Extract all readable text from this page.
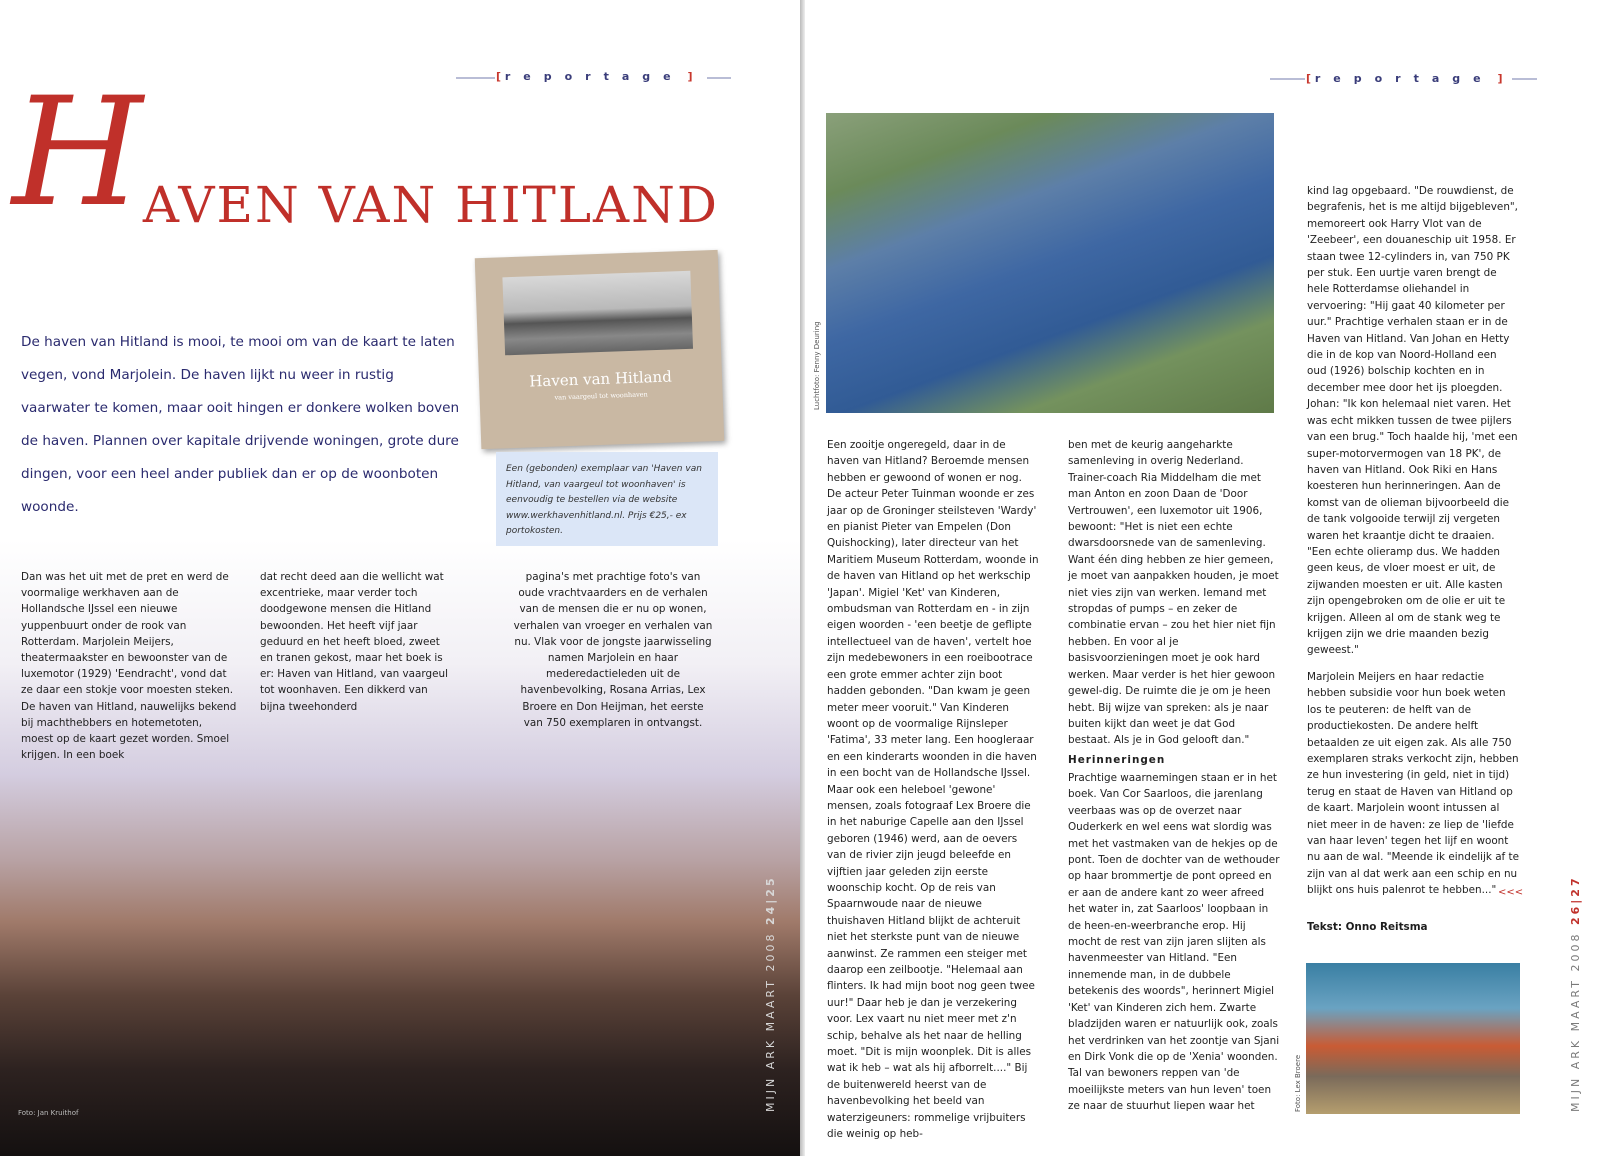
[ reportage ]
HAVEN VAN HITLAND

De haven van Hitland is mooi, te mooi om van de kaart te laten vegen, vond Marjolein. De haven lijkt nu weer in rustig vaarwater te komen, maar ooit hingen er donkere wolken boven de haven. Plannen over kapitale drijvende woningen, grote dure dingen, voor een heel ander publiek dan er op de woonboten woonde.

Haven van Hitland
van vaargeul tot woonhaven

Een (gebonden) exemplaar van 'Haven van Hitland, van vaargeul tot woonhaven' is eenvoudig te bestellen via de website www.werkhavenhitland.nl. Prijs €25,- ex portokosten.

Dan was het uit met de pret en werd de voormalige werkhaven aan de Hollandsche IJssel een nieuwe yuppenbuurt onder de rook van Rotterdam. Marjolein Meijers, theatermaakster en bewoonster van de luxemotor (1929) 'Eendracht', vond dat ze daar een stokje voor moesten steken. De haven van Hitland, nauwelijks bekend bij machthebbers en hotemetoten, moest op de kaart gezet worden. Smoel krijgen. In een boek

dat recht deed aan die wellicht wat excentrieke, maar verder toch doodgewone mensen die Hitland bewoonden. Het heeft vijf jaar geduurd en het heeft bloed, zweet en tranen gekost, maar het boek is er: Haven van Hitland, van vaargeul tot woonhaven. Een dikkerd van bijna tweehonderd

pagina's met prachtige foto's van oude vrachtvaarders en de verhalen van de mensen die er nu op wonen, verhalen van vroeger en verhalen van nu. Vlak voor de jongste jaarwisseling namen Marjolein en haar mederedactieleden uit de havenbevolking, Rosana Arrias, Lex Broere en Don Heijman, het eerste van 750 exemplaren in ontvangst.

Foto: Jan Kruithof
MIJN ARK MAART 2008 24|25
[ reportage ]
Luchtfoto: Fenny Deuring

Een zooitje ongeregeld, daar in de haven van Hitland? Beroemde mensen hebben er gewoond of wonen er nog. De acteur Peter Tuinman woonde er zes jaar op de Groninger steilsteven 'Wardy' en pianist Pieter van Empelen (Don Quishocking), later directeur van het Maritiem Museum Rotterdam, woonde in de haven van Hitland op het werkschip 'Japan'. Migiel 'Ket' van Kinderen, ombudsman van Rotterdam en - in zijn eigen woorden - 'een beetje de geflipte intellectueel van de haven', vertelt hoe zijn medebewoners in een roeibootrace een grote emmer achter zijn boot hadden gebonden. "Dan kwam je geen meter meer vooruit." Van Kinderen woont op de voormalige Rijnsleper 'Fatima', 33 meter lang. Een hoogleraar en een kinderarts woonden in die haven in een bocht van de Hollandsche IJssel. Maar ook een heleboel 'gewone' mensen, zoals fotograaf Lex Broere die in het naburige Capelle aan den IJssel geboren (1946) werd, aan de oevers van de rivier zijn jeugd beleefde en vijftien jaar geleden zijn eerste woonschip kocht. Op de reis van Spaarnwoude naar de nieuwe thuishaven Hitland blijkt de achteruit niet het sterkste punt van de nieuwe aanwinst. Ze rammen een steiger met daarop een zeilbootje. "Helemaal aan flinters. Ik had mijn boot nog geen twee uur!" Daar heb je dan je verzekering voor. Lex vaart nu niet meer met z'n schip, behalve als het naar de helling moet. "Dit is mijn woonplek. Dit is alles wat ik heb – wat als hij afborrelt...." Bij de buitenwereld heerst van de havenbevolking het beeld van waterzigeuners: rommelige vrijbuiters die weinig op heb-

ben met de keurig aangeharkte samenleving in overig Nederland. Trainer-coach Ria Middelham die met man Anton en zoon Daan de 'Door Vertrouwen', een luxemotor uit 1906, bewoont: "Het is niet een echte dwarsdoorsnede van de samenleving. Want één ding hebben ze hier gemeen, je moet van aanpakken houden, je moet niet vies zijn van werken. Iemand met stropdas of pumps – en zeker de combinatie ervan – zou het hier niet fijn hebben. En voor al je basisvoorzieningen moet je ook hard werken. Maar verder is het hier gewoon gewel-dig. De ruimte die je om je heen hebt. Bij wijze van spreken: als je naar buiten kijkt dan weet je dat God bestaat. Als je in God gelooft dan."

Herinneringen

Prachtige waarnemingen staan er in het boek. Van Cor Saarloos, die jarenlang veerbaas was op de overzet naar Ouderkerk en wel eens wat slordig was met het vastmaken van de hekjes op de pont. Toen de dochter van de wethouder op haar brommertje de pont opreed en er aan de andere kant zo weer afreed het water in, zat Saarloos' loopbaan in de heen-en-weerbranche erop. Hij mocht de rest van zijn jaren slijten als havenmeester van Hitland. "Een innemende man, in de dubbele betekenis des woords", herinnert Migiel 'Ket' van Kinderen zich hem. Zwarte bladzijden waren er natuurlijk ook, zoals het verdrinken van het zoontje van Sjani en Dirk Vonk die op de 'Xenia' woonden. Tal van bewoners reppen van 'de moeilijkste meters van hun leven' toen ze naar de stuurhut liepen waar het

kind lag opgebaard. "De rouwdienst, de begrafenis, het is me altijd bijgebleven", memoreert ook Harry Vlot van de 'Zeebeer', een douaneschip uit 1958. Er staan twee 12-cylinders in, van 750 PK per stuk. Een uurtje varen brengt de hele Rotterdamse oliehandel in vervoering: "Hij gaat 40 kilometer per uur." Prachtige verhalen staan er in de Haven van Hitland. Van Johan en Hetty die in de kop van Noord-Holland een oud (1926) bolschip kochten en in december mee door het ijs ploegden. Johan: "Ik kon helemaal niet varen. Het was echt mikken tussen de twee pijlers van een brug." Toch haalde hij, 'met een super-motorvermogen van 18 PK', de haven van Hitland. Ook Riki en Hans koesteren hun herinneringen. Aan de komst van de olieman bijvoorbeeld die de tank volgooide terwijl zij vergeten waren het kraantje dicht te draaien. "Een echte olieramp dus. We hadden geen keus, de vloer moest er uit, de zijwanden moesten er uit. Alle kasten zijn opengebroken om de olie er uit te krijgen. Alleen al om de stank weg te krijgen zijn we drie maanden bezig geweest."

Marjolein Meijers en haar redactie hebben subsidie voor hun boek weten los te peuteren: de helft van de productiekosten. De andere helft betaalden ze uit eigen zak. Als alle 750 exemplaren straks verkocht zijn, hebben ze hun investering (in geld, niet in tijd) terug en staat de Haven van Hitland op de kaart. Marjolein woont intussen al niet meer in de haven: ze liep de 'liefde van haar leven' tegen het lijf en woont nu aan de wal. "Meende ik eindelijk af te zijn van al dat werk aan een schip en nu blijkt ons huis palenrot te hebben..." <<<
Tekst: Onno Reitsma
Foto: Lex Broere	MIJN ARK MAART 2008 26|27
